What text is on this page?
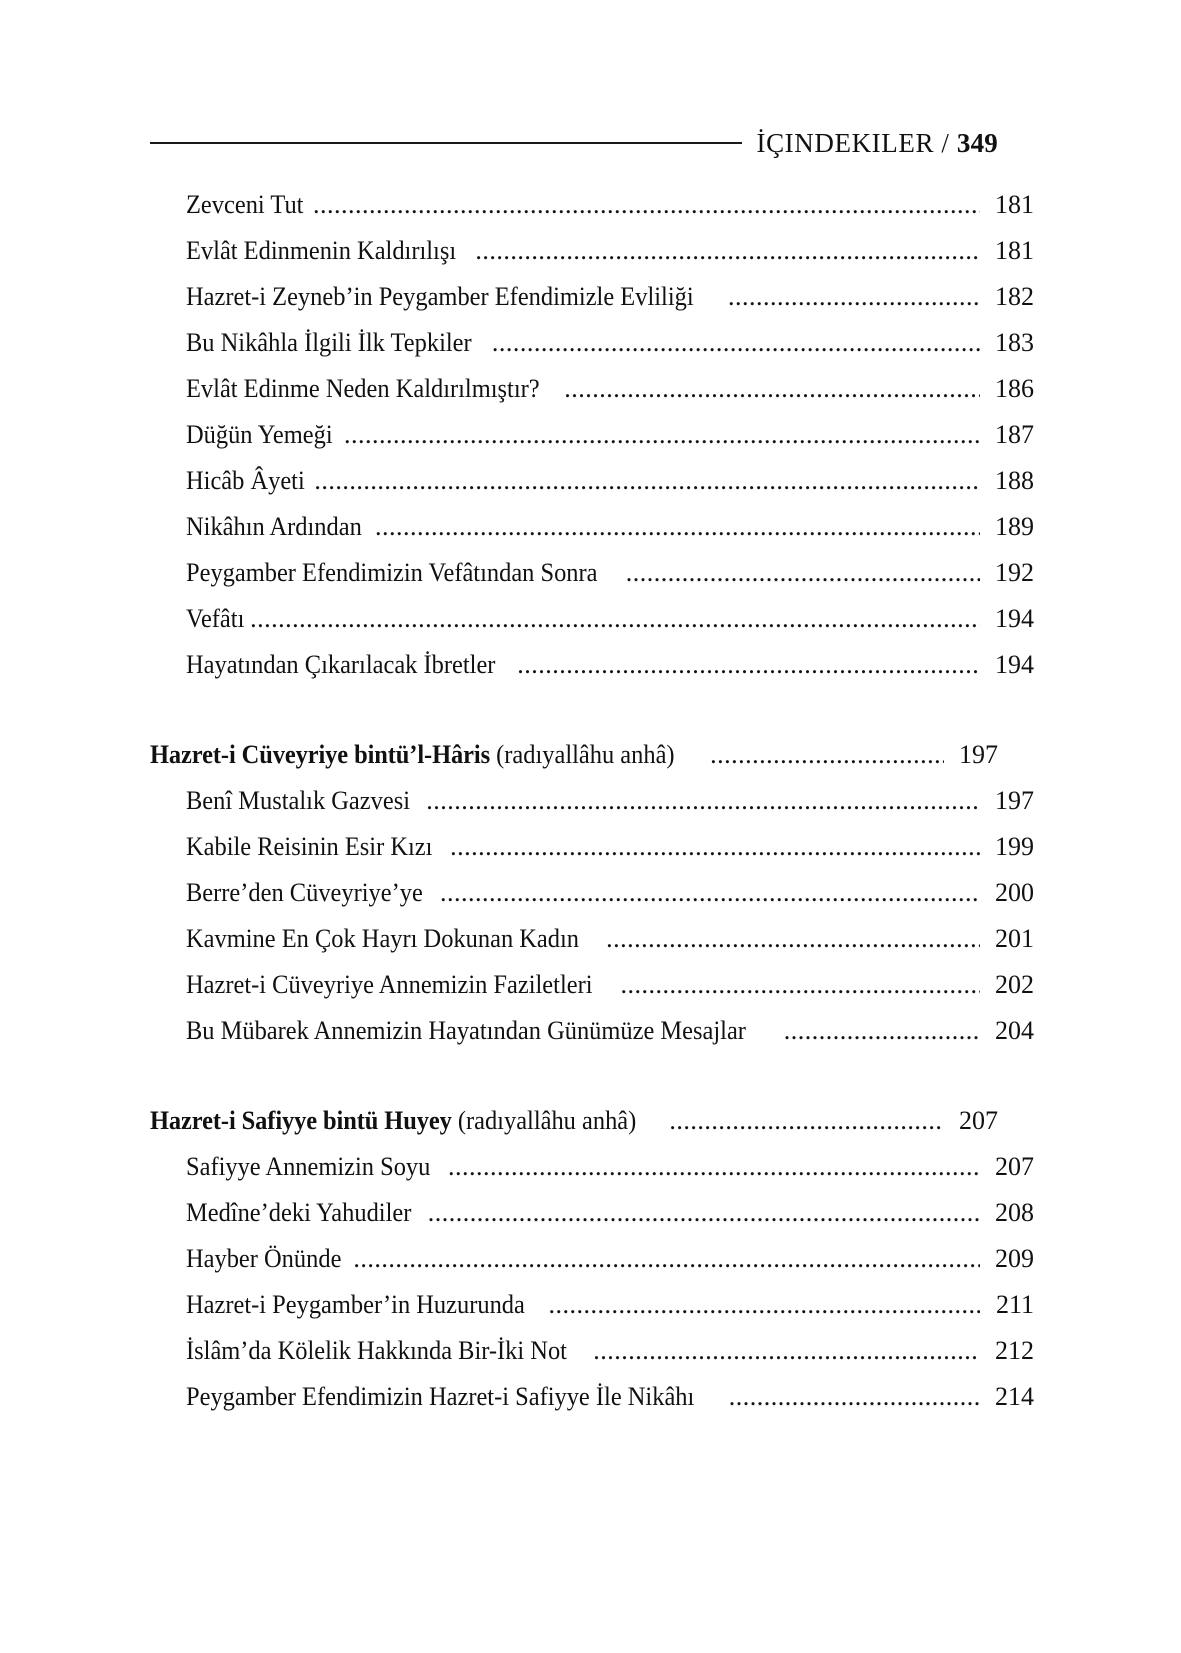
İÇINDEKILER / 349
Zevceni Tut .....	181
Evlât Edinmenin Kaldırılışı .....	181
Hazret-i Zeyneb’in Peygamber Efendimizle Evliliği .....	182
Bu Nikâhla İlgili İlk Tepkiler .....	183
Evlât Edinme Neden Kaldırılmıştır? .....	186
Düğün Yemeği .....	187
Hicâb Âyeti .....	188
Nikâhın Ardından .....	189
Peygamber Efendimizin Vefâtından Sonra .....	192
Vefâtı .....	194
Hayatından Çıkarılacak İbretler .....	194
Hazret-i Cüveyriye bintü’l-Hâris (radıyallâhu anhâ) .....	197
Benî Mustalık Gazvesi .....	197
Kabile Reisinin Esir Kızı .....	199
Berre’den Cüveyriye’ye .....	200
Kavmine En Çok Hayrı Dokunan Kadın .....	201
Hazret-i Cüveyriye Annemizin Faziletleri .....	202
Bu Mübarek Annemizin Hayatından Günümüze Mesajlar .....	204
Hazret-i Safiyye bintü Huyey (radıyallâhu anhâ) .....	207
Safiyye Annemizin Soyu .....	207
Medîne’deki Yahudiler .....	208
Hayber Önünde .....	209
Hazret-i Peygamber’in Huzurunda .....	211
İslâm’da Kölelik Hakkında Bir-İki Not .....	212
Peygamber Efendimizin Hazret-i Safiyye İle Nikâhı .....	214
